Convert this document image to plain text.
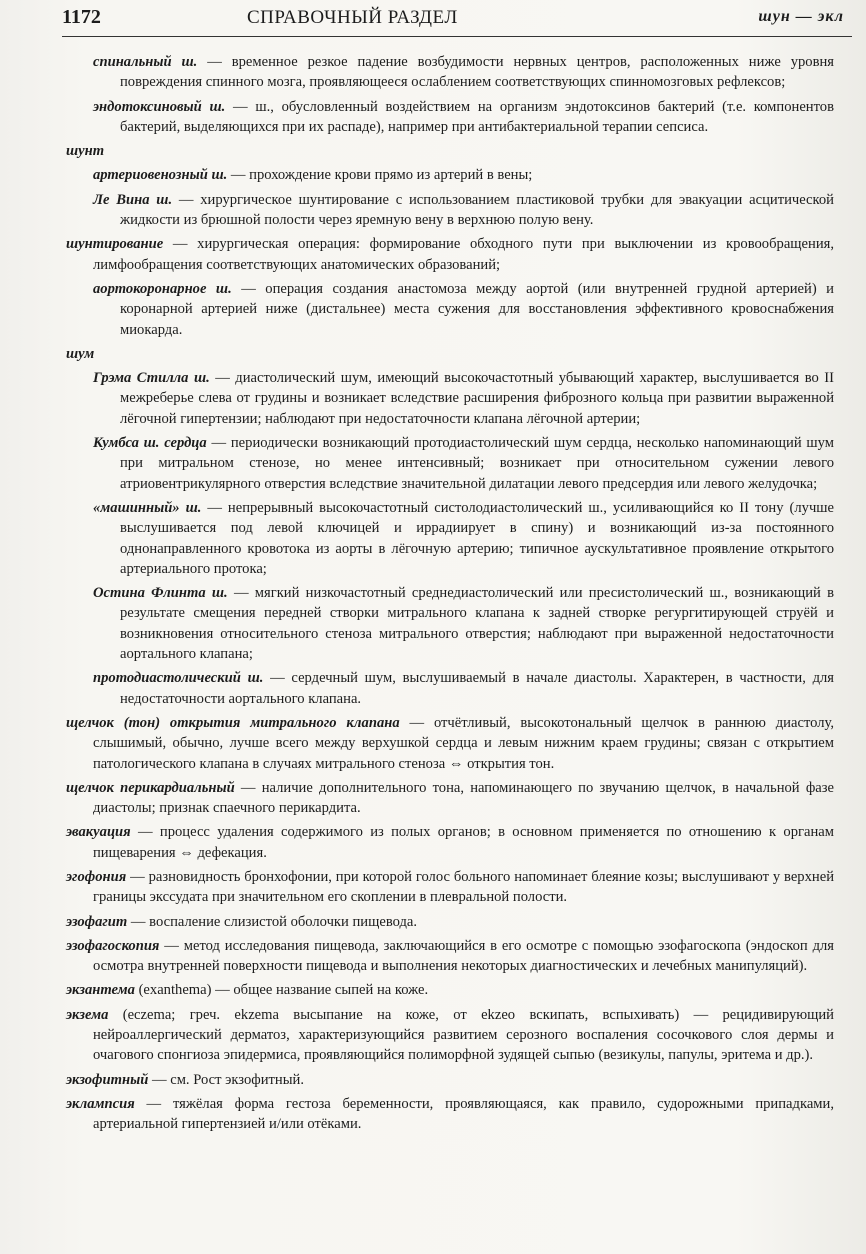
1172	СПРАВОЧНЫЙ РАЗДЕЛ	шун — экл
спинальный ш. — временное резкое падение возбудимости нервных центров, расположенных ниже уровня повреждения спинного мозга, проявляющееся ослаблением соответствующих спинномозговых рефлексов;
эндотоксиновый ш. — ш., обусловленный воздействием на организм эндотоксинов бактерий (т.е. компонентов бактерий, выделяющихся при их распаде), например при антибактериальной терапии сепсиса.
шунт
артериовенозный ш. — прохождение крови прямо из артерий в вены;
Ле Вина ш. — хирургическое шунтирование с использованием пластиковой трубки для эвакуации асцитической жидкости из брюшной полости через яремную вену в верхнюю полую вену.
шунтирование — хирургическая операция: формирование обходного пути при выключении из кровообращения, лимфообращения соответствующих анатомических образований;
аортокоронарное ш. — операция создания анастомоза между аортой (или внутренней грудной артерией) и коронарной артерией ниже (дистальнее) места сужения для восстановления эффективного кровоснабжения миокарда.
шум
Грэма Стилла ш. — диастолический шум, имеющий высокочастотный убывающий характер, выслушивается во II межреберье слева от грудины и возникает вследствие расширения фиброзного кольца при развитии выраженной лёгочной гипертензии; наблюдают при недостаточности клапана лёгочной артерии;
Кумбса ш. сердца — периодически возникающий протодиастолический шум сердца, несколько напоминающий шум при митральном стенозе, но менее интенсивный; возникает при относительном сужении левого атриовентрикулярного отверстия вследствие значительной дилатации левого предсердия или левого желудочка;
«машинный» ш. — непрерывный высокочастотный систолодиастолический ш., усиливающийся ко II тону (лучше выслушивается под левой ключицей и иррадиирует в спину) и возникающий из-за постоянного однонаправленного кровотока из аорты в лёгочную артерию; типичное аускультативное проявление открытого артериального протока;
Остина Флинта ш. — мягкий низкочастотный среднедиастолический или пресистолический ш., возникающий в результате смещения передней створки митрального клапана к задней створке регургитирующей струёй и возникновения относительного стеноза митрального отверстия; наблюдают при выраженной недостаточности аортального клапана;
протодиастолический ш. — сердечный шум, выслушиваемый в начале диастолы. Характерен, в частности, для недостаточности аортального клапана.
щелчок (тон) открытия митрального клапана — отчётливый, высокотональный щелчок в раннюю диастолу, слышимый, обычно, лучше всего между верхушкой сердца и левым нижним краем грудины; связан с открытием патологического клапана в случаях митрального стеноза ⇔ открытия тон.
щелчок перикардиальный — наличие дополнительного тона, напоминающего по звучанию щелчок, в начальной фазе диастолы; признак спаечного перикардита.
эвакуация — процесс удаления содержимого из полых органов; в основном применяется по отношению к органам пищеварения ⇔ дефекация.
эгофония — разновидность бронхофонии, при которой голос больного напоминает блеяние козы; выслушивают у верхней границы экссудата при значительном его скоплении в плевральной полости.
эзофагит — воспаление слизистой оболочки пищевода.
эзофагоскопия — метод исследования пищевода, заключающийся в его осмотре с помощью эзофагоскопа (эндоскоп для осмотра внутренней поверхности пищевода и выполнения некоторых диагностических и лечебных манипуляций).
экзантема (exanthema) — общее название сыпей на коже.
экзема (eczema; греч. ekzema высыпание на коже, от ekzeo вскипать, вспыхивать) — рецидивирующий нейроаллергический дерматоз, характеризующийся развитием серозного воспаления сосочкового слоя дермы и очагового спонгиоза эпидермиса, проявляющийся полиморфной зудящей сыпью (везикулы, папулы, эритема и др.).
экзофитный — см. Рост экзофитный.
эклампсия — тяжёлая форма гестоза беременности, проявляющаяся, как правило, судорожными припадками, артериальной гипертензией и/или отёками.
